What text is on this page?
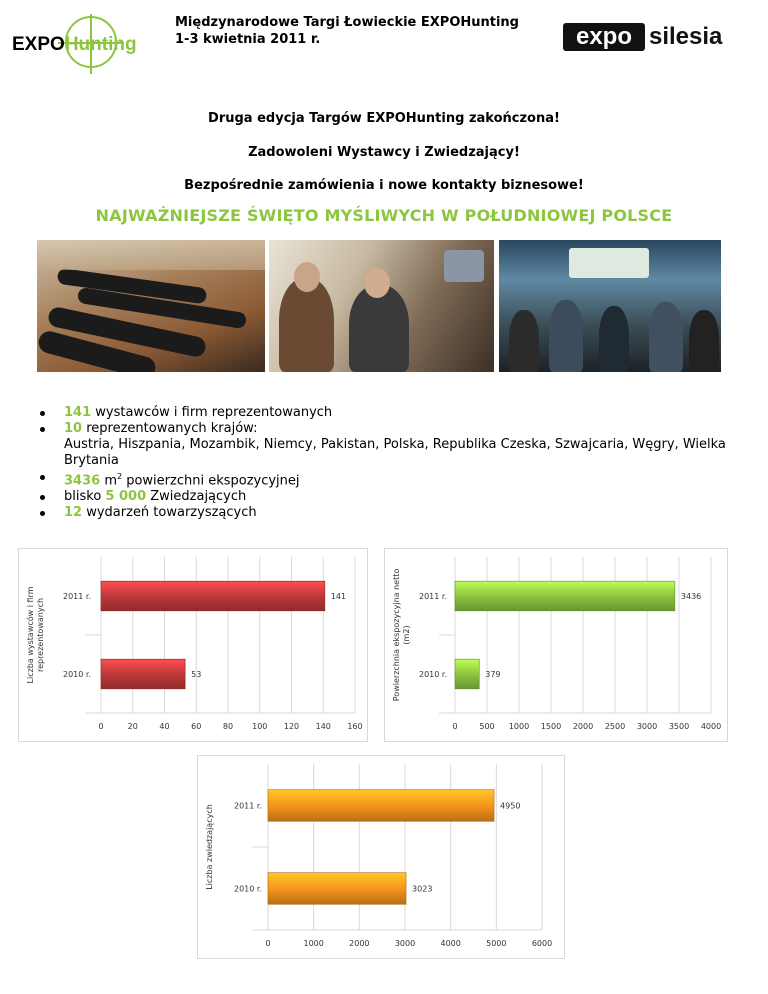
EXPOHunting
Międzynarodowe Targi Łowieckie EXPOHunting
1-3 kwietnia 2011 r.	expo silesia
Druga edycja Targów EXPOHunting zakończona!
Zadowoleni Wystawcy i Zwiedzający!
Bezpośrednie zamówienia i nowe kontakty biznesowe!
NAJWAŻNIEJSZE ŚWIĘTO MYŚLIWYCH W POŁUDNIOWEJ POLSCE
141 wystawców i firm reprezentowanych
10 reprezentowanych krajów:
Austria, Hiszpania, Mozambik, Niemcy, Pakistan, Polska, Republika Czeska, Szwajcaria, Węgry, Wielka Brytania
3436 $m^2$ powierzchni ekspozycyjnej
blisko 5 000 Zwiedzających
12 wydarzeń towarzyszących
0	20	40	60	80 100 120 140 160
Liczba wystawców i firmreprezentowanych
2011 r.	141
2010 r.	53
0	500 1000 1500 2000 2500 3000 3500 4000
Powierzchnia ekspozycyjna netto(m2)
2011 r.	3436
2010 r.	379
0	1000	2000	3000	4000	5000	6000
Liczba zwiedzających	2011 r.	4950
2010 r.	3023
